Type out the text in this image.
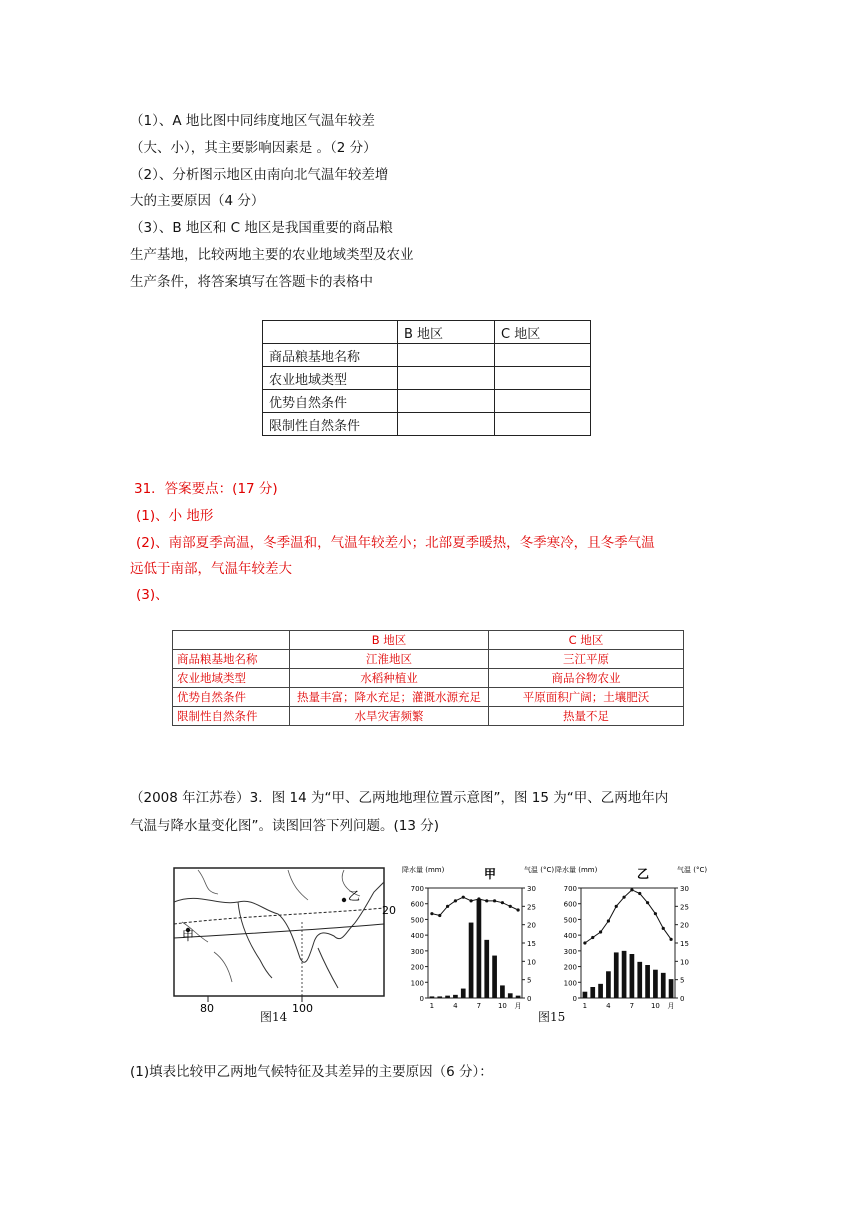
（1）、A 地比图中同纬度地区气温年较差
（大、小），其主要影响因素是 。（2 分）
（2）、分析图示地区由南向北气温年较差增
大的主要原因（4 分）
（3）、B 地区和 C 地区是我国重要的商品粮
生产基地，比较两地主要的农业地域类型及农业
生产条件，将答案填写在答题卡的表格中
	B 地区	C 地区
商品粮基地名称		
农业地域类型		
优势自然条件		
限制性自然条件		
31．答案要点：(17 分)
(1)、小 地形
(2)、南部夏季高温，冬季温和，气温年较差小；北部夏季暖热，冬季寒冷，且冬季气温
远低于南部，气温年较差大
(3)、
	B 地区	C 地区
商品粮基地名称	江淮地区	三江平原
农业地域类型	水稻种植业	商品谷物农业
优势自然条件	热量丰富；降水充足；灌溉水源充足	平原面积广阔；土壤肥沃
限制性自然条件	水旱灾害频繁	热量不足
（2008 年江苏卷）3．图 14 为“甲、乙两地地理位置示意图”，图 15 为“甲、乙两地年内
气温与降水量变化图”。读图回答下列问题。(13 分)
甲
乙
20
80	100
图14
甲
降水量 (mm)	气温 (°C)
0
100
200
300
400
500
600
700
0
5
10
15
20
25
30
1	4	7 10 月
乙
降水量 (mm)	气温 (°C)
0
100
200
300
400
500
600
700
0
5
10
15
20
25
30
1	4	7 10 月
图15
(1)填表比较甲乙两地气候特征及其差异的主要原因（6 分）：
